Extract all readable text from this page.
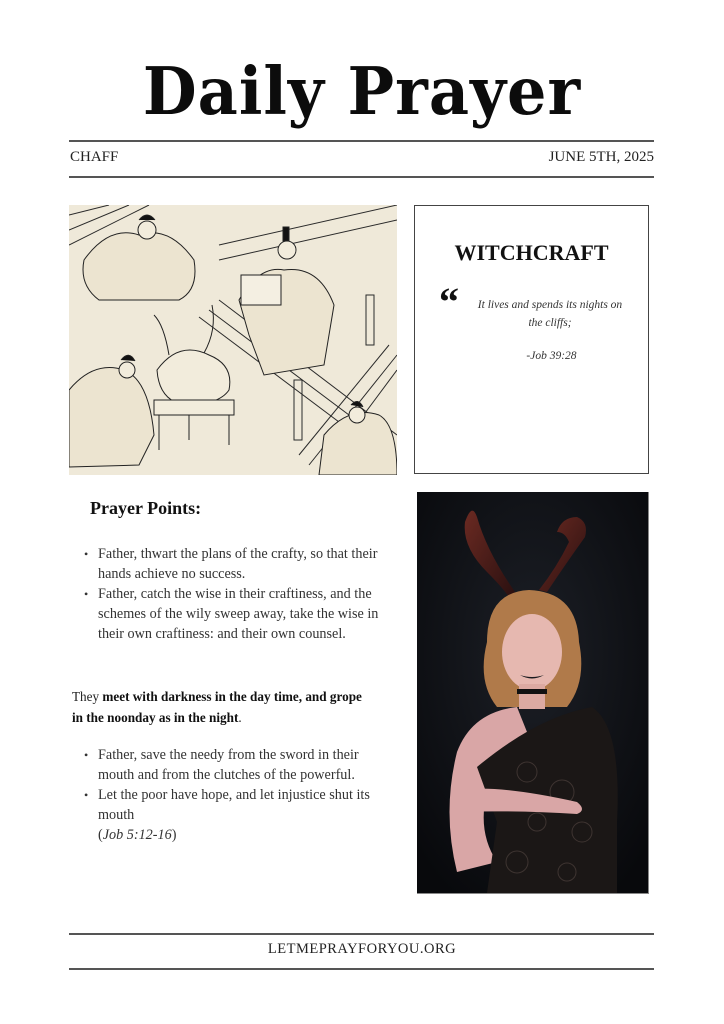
Daily Prayer
CHAFF	JUNE 5TH, 2025
WITCHCRAFT
“ It lives and spends its nights on the cliffs;
-Job 39:28
Prayer Points:
• Father, thwart the plans of the crafty, so that their hands achieve no success.
• Father, catch the wise in their craftiness, and the schemes of the wily sweep away, take the wise in their own craftiness: and their own counsel.
They meet with darkness in the day time, and grope in the noonday as in the night.
• Father, save the needy from the sword in their mouth and from the clutches of the powerful.
• Let the poor have hope, and let injustice shut its mouth
(Job 5:12-16)
LETMEPRAYFORYOU.ORG
